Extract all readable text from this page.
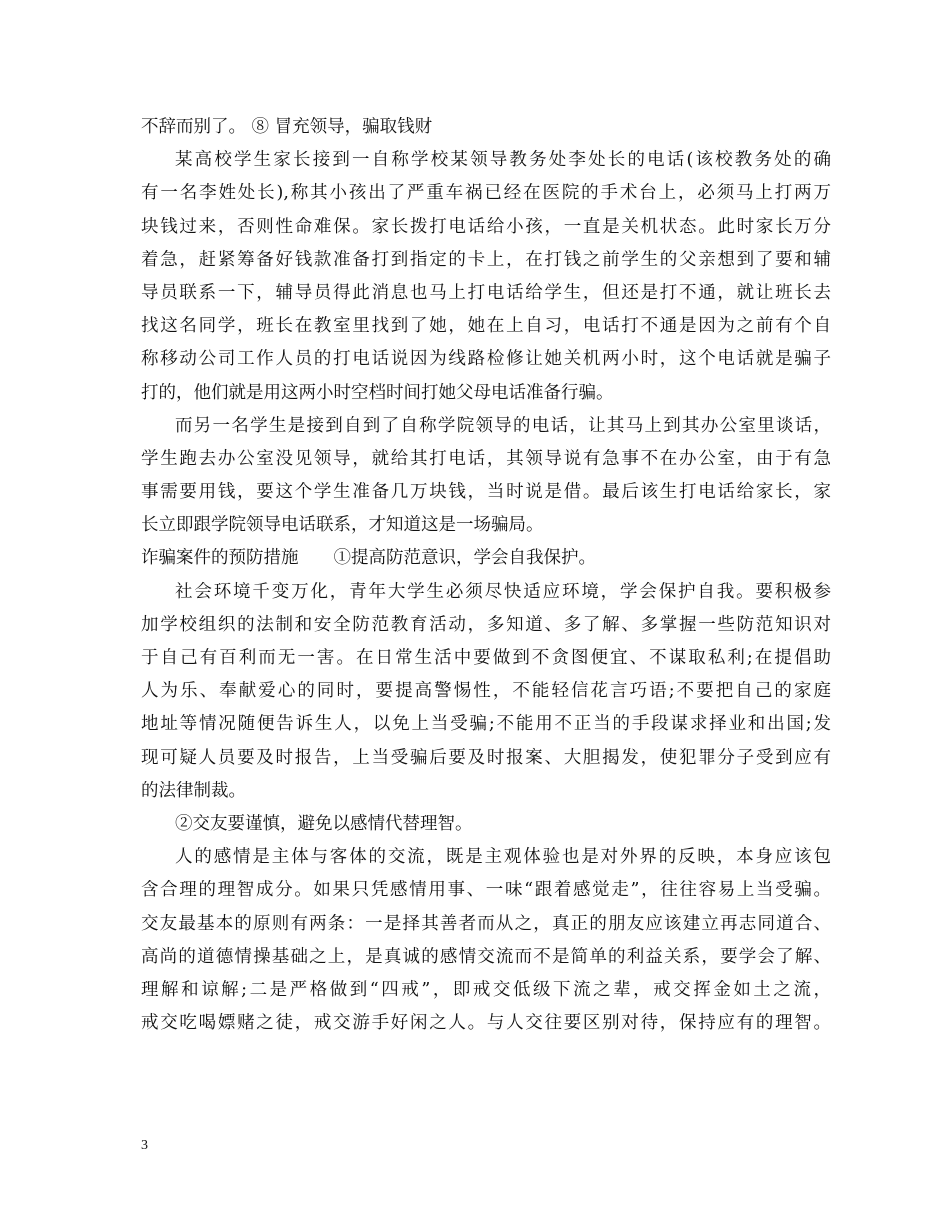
不辞而别了。 ⑧ 冒充领导，骗取钱财
某高校学生家长接到一自称学校某领导教务处李处长的电话(该校教务处的确
有一名李姓处长),称其小孩出了严重车祸已经在医院的手术台上，必须马上打两万
块钱过来，否则性命难保。家长拨打电话给小孩，一直是关机状态。此时家长万分
着急，赶紧筹备好钱款准备打到指定的卡上，在打钱之前学生的父亲想到了要和辅
导员联系一下，辅导员得此消息也马上打电话给学生，但还是打不通，就让班长去
找这名同学，班长在教室里找到了她，她在上自习，电话打不通是因为之前有个自
称移动公司工作人员的打电话说因为线路检修让她关机两小时，这个电话就是骗子
打的，他们就是用这两小时空档时间打她父母电话准备行骗。
而另一名学生是接到自到了自称学院领导的电话，让其马上到其办公室里谈话，
学生跑去办公室没见领导，就给其打电话，其领导说有急事不在办公室，由于有急
事需要用钱，要这个学生准备几万块钱，当时说是借。最后该生打电话给家长，家
长立即跟学院领导电话联系，才知道这是一场骗局。
诈骗案件的预防措施　　①提高防范意识，学会自我保护。
社会环境千变万化，青年大学生必须尽快适应环境，学会保护自我。要积极参
加学校组织的法制和安全防范教育活动，多知道、多了解、多掌握一些防范知识对
于自己有百利而无一害。在日常生活中要做到不贪图便宜、不谋取私利;在提倡助
人为乐、奉献爱心的同时，要提高警惕性，不能轻信花言巧语;不要把自己的家庭
地址等情况随便告诉生人，以免上当受骗;不能用不正当的手段谋求择业和出国;发
现可疑人员要及时报告，上当受骗后要及时报案、大胆揭发，使犯罪分子受到应有
的法律制裁。
②交友要谨慎，避免以感情代替理智。
人的感情是主体与客体的交流，既是主观体验也是对外界的反映，本身应该包
含合理的理智成分。如果只凭感情用事、一味“跟着感觉走”，往往容易上当受骗。
交友最基本的原则有两条：一是择其善者而从之，真正的朋友应该建立再志同道合、
高尚的道德情操基础之上，是真诚的感情交流而不是简单的利益关系，要学会了解、
理解和谅解;二是严格做到“四戒”，即戒交低级下流之辈，戒交挥金如土之流，
戒交吃喝嫖赌之徒，戒交游手好闲之人。与人交往要区别对待，保持应有的理智。
3
